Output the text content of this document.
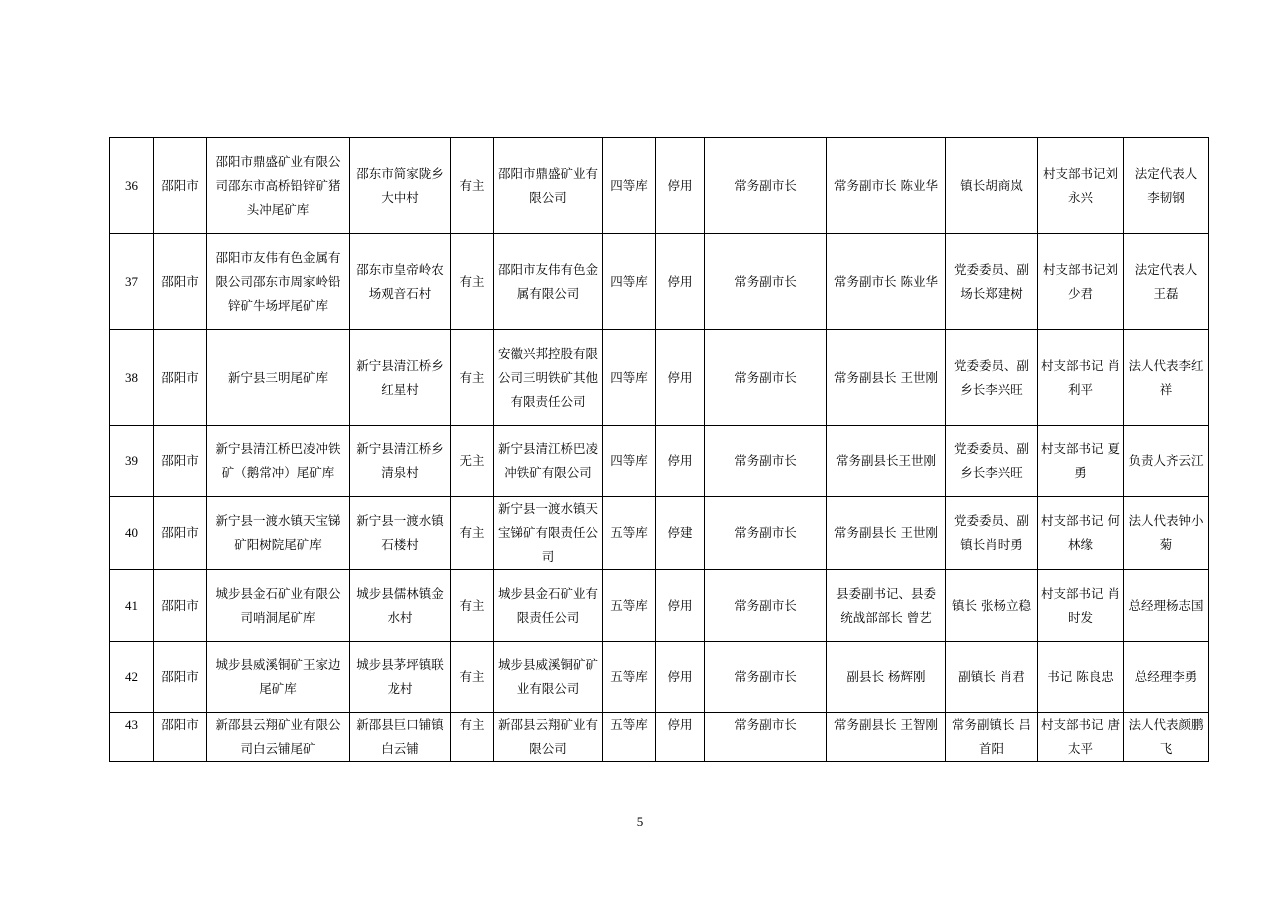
36	邵阳市	邵阳市鼎盛矿业有限公司邵东市高桥铅锌矿猪头冲尾矿库	邵东市简家陇乡大中村	有主	邵阳市鼎盛矿业有限公司	四等库	停用	常务副市长	常务副市长 陈业华	镇长胡商岚	村支部书记刘永兴	法定代表人 李韧钢
37	邵阳市	邵阳市友伟有色金属有限公司邵东市周家岭铅锌矿牛场坪尾矿库	邵东市皇帝岭农场观音石村	有主	邵阳市友伟有色金属有限公司	四等库	停用	常务副市长	常务副市长 陈业华	党委委员、副场长郑建树	村支部书记刘少君	法定代表人 王磊
38	邵阳市	新宁县三明尾矿库	新宁县清江桥乡红星村	有主	安徽兴邦控股有限公司三明铁矿其他有限责任公司	四等库	停用	常务副市长	常务副县长 王世刚	党委委员、副乡长李兴旺	村支部书记 肖利平	法人代表李红祥
39	邵阳市	新宁县清江桥巴凌冲铁矿（鹅常冲）尾矿库	新宁县清江桥乡清泉村	无主	新宁县清江桥巴凌冲铁矿有限公司	四等库	停用	常务副市长	常务副县长王世刚	党委委员、副乡长李兴旺	村支部书记 夏勇	负责人齐云江
40	邵阳市	新宁县一渡水镇天宝锑矿阳树院尾矿库	新宁县一渡水镇石楼村	有主	新宁县一渡水镇天宝锑矿有限责任公司	五等库	停建	常务副市长	常务副县长 王世刚	党委委员、副镇长肖时勇	村支部书记 何林缘	法人代表钟小菊
41	邵阳市	城步县金石矿业有限公司哨洞尾矿库	城步县儒林镇金水村	有主	城步县金石矿业有限责任公司	五等库	停用	常务副市长	县委副书记、县委统战部部长 曾艺	镇长 张杨立稳	村支部书记 肖时发	总经理杨志国
42	邵阳市	城步县威溪铜矿王家边尾矿库	城步县茅坪镇联龙村	有主	城步县威溪铜矿矿业有限公司	五等库	停用	常务副市长	副县长 杨辉刚	副镇长 肖君	书记 陈良忠	总经理李勇
43	邵阳市	新邵县云翔矿业有限公司白云铺尾矿	新邵县巨口铺镇白云铺	有主	新邵县云翔矿业有限公司	五等库	停用	常务副市长	常务副县长 王智刚	常务副镇长 吕首阳	村支部书记 唐太平	法人代表颜鹏飞
5
